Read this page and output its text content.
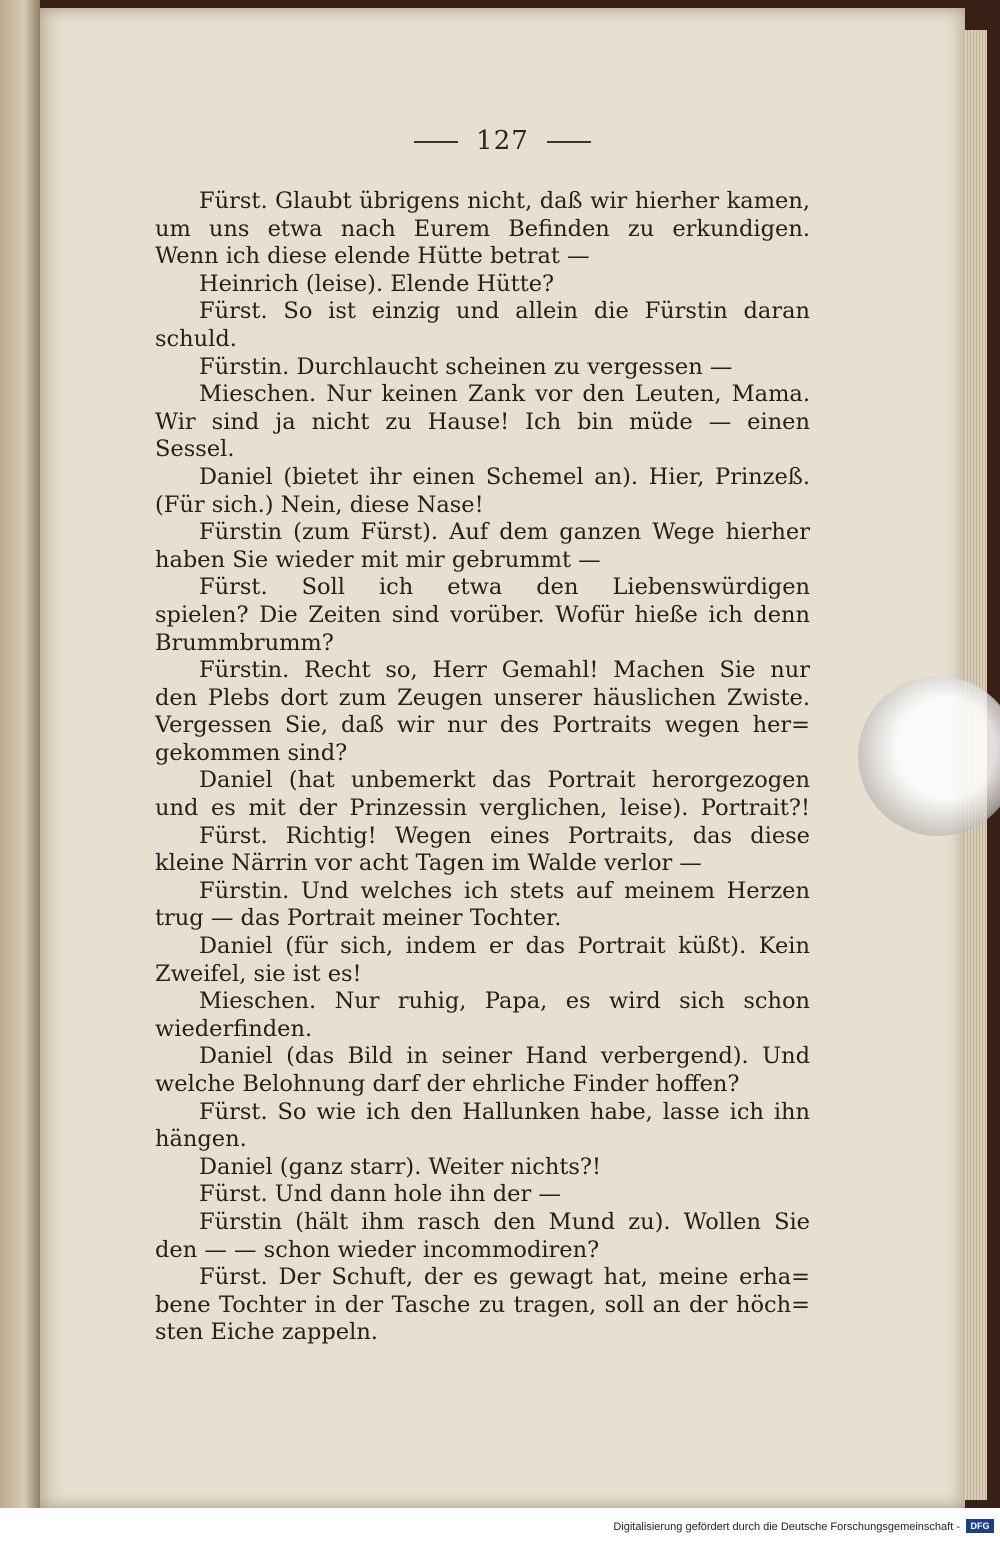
127
Fürst. Glaubt übrigens nicht, daß wir hierher kamen,
um uns etwa nach Eurem Befinden zu erkundigen.
Wenn ich diese elende Hütte betrat —
Heinrich (leise). Elende Hütte?
Fürst. So ist einzig und allein die Fürstin daran
schuld.
Fürstin. Durchlaucht scheinen zu vergessen —
Mieschen. Nur keinen Zank vor den Leuten, Mama.
Wir sind ja nicht zu Hause! Ich bin müde — einen
Sessel.
Daniel (bietet ihr einen Schemel an). Hier, Prinzeß.
(Für sich.) Nein, diese Nase!
Fürstin (zum Fürst). Auf dem ganzen Wege hierher
haben Sie wieder mit mir gebrummt —
Fürst. Soll ich etwa den Liebenswürdigen
spielen? Die Zeiten sind vorüber. Wofür hieße ich denn
Brummbrumm?
Fürstin. Recht so, Herr Gemahl! Machen Sie nur
den Plebs dort zum Zeugen unserer häuslichen Zwiste.
Vergessen Sie, daß wir nur des Portraits wegen her=
gekommen sind?
Daniel (hat unbemerkt das Portrait herorgezogen
und es mit der Prinzessin verglichen, leise). Portrait?!
Fürst. Richtig! Wegen eines Portraits, das diese
kleine Närrin vor acht Tagen im Walde verlor —
Fürstin. Und welches ich stets auf meinem Herzen
trug — das Portrait meiner Tochter.
Daniel (für sich, indem er das Portrait küßt). Kein
Zweifel, sie ist es!
Mieschen. Nur ruhig, Papa, es wird sich schon
wiederfinden.
Daniel (das Bild in seiner Hand verbergend). Und
welche Belohnung darf der ehrliche Finder hoffen?
Fürst. So wie ich den Hallunken habe, lasse ich ihn
hängen.
Daniel (ganz starr). Weiter nichts?!
Fürst. Und dann hole ihn der —
Fürstin (hält ihm rasch den Mund zu). Wollen Sie
den — — schon wieder incommodiren?
Fürst. Der Schuft, der es gewagt hat, meine erha=
bene Tochter in der Tasche zu tragen, soll an der höch=
sten Eiche zappeln.
Digitalisierung gefördert durch die Deutsche Forschungsgemeinschaft -	DFG
